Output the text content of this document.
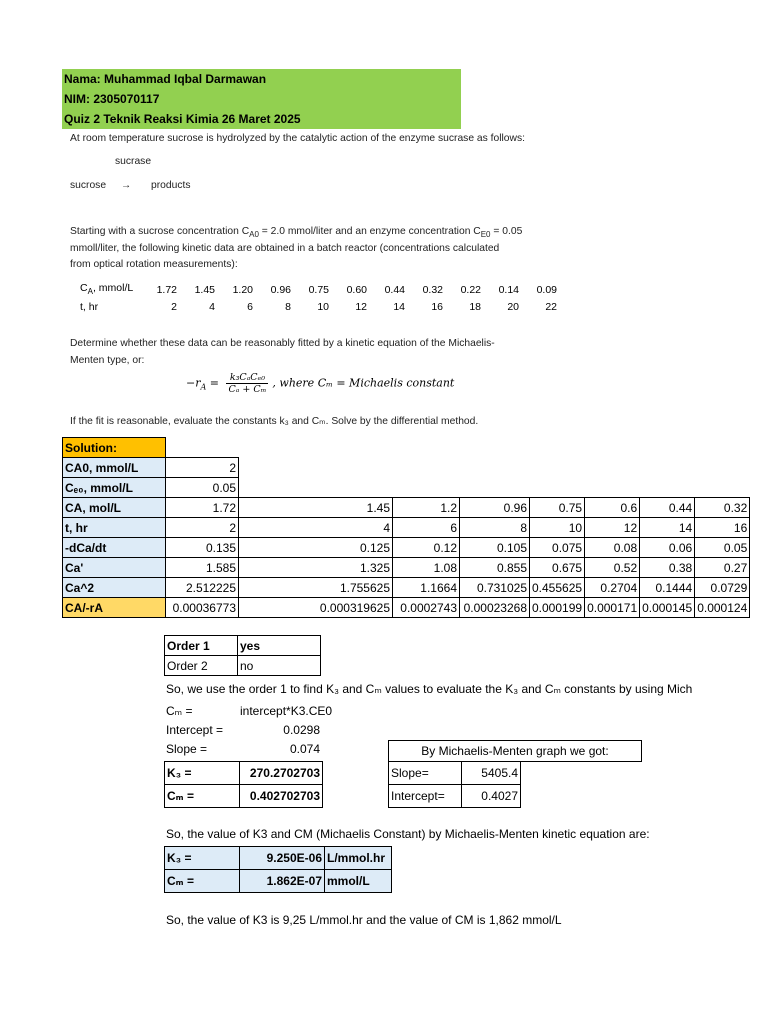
Nama: Muhammad Iqbal Darmawan
NIM: 2305070117
Quiz 2 Teknik Reaksi Kimia 26 Maret 2025
At room temperature sucrose is hydrolyzed by the catalytic action of the enzyme sucrase as follows:
sucrase
sucrose → products
Starting with a sucrose concentration $C_{A0} = 2.0$ mmol/liter and an enzyme concentration $C_{E0} = 0.05$
mmoll/liter, the following kinetic data are obtained in a batch reactor (concentrations calculated
from optical rotation measurements):
$C_A$, mmol/L	1.72	1.45	1.20	0.96	0.75	0.60	0.44	0.32	0.22	0.14	0.09
t, hr	2	4	6	8	10	12	14	16	18	20	22
Determine whether these data can be reasonably fitted by a kinetic equation of the Michaelis-
Menten type, or:
$-r_A = \frac{\text{k₃CₐCₑ₀}}{\text{Cₐ + Cₘ}}$ , where Cₘ = Michaelis constant
If the fit is reasonable, evaluate the constants k₃ and Cₘ. Solve by the differential method.
Solution:								
CA0, mmol/L	2							
Cₑ₀, mmol/L	0.05							
CA, mol/L	1.72	1.45	1.2	0.96	0.75	0.6	0.44	0.32
t, hr	2	4	6	8	10	12	14	16
-dCa/dt	0.135	0.125	0.12	0.105	0.075	0.08	0.06	0.05
Ca'	1.585	1.325	1.08	0.855	0.675	0.52	0.38	0.27
Ca^2	2.512225	1.755625	1.1664	0.731025	0.455625	0.2704	0.1444	0.0729
CA/-rA	0.00036773	0.000319625	0.0002743	0.00023268	0.000199	0.000171	0.000145	0.000124
Order 1	yes
Order 2	no
So, we use the order 1 to find K₃ and Cₘ values to evaluate the K₃ and Cₘ constants by using Mich
Cₘ =	intercept*K3.CE0
Intercept =	0.0298
Slope =	0.074
K₃ =	270.2702703
Cₘ =	0.402702703
By Michaelis-Menten graph we got:
Slope=	5405.4
Intercept=	0.4027
So, the value of K3 and CM (Michaelis Constant) by Michaelis-Menten kinetic equation are:
K₃ =	9.250E-06	L/mmol.hr
Cₘ =	1.862E-07	mmol/L
So, the value of K3 is 9,25 L/mmol.hr and the value of CM is 1,862 mmol/L
